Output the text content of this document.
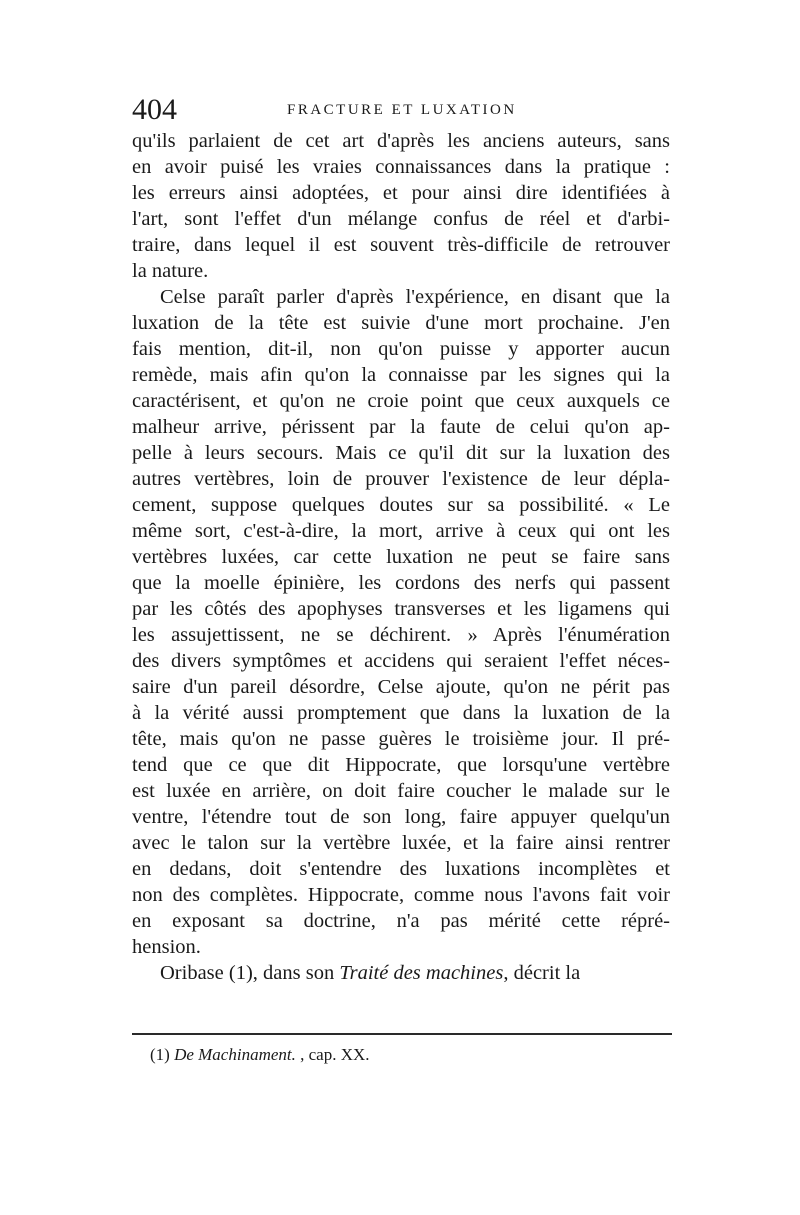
404	FRACTURE ET LUXATION
qu'ils parlaient de cet art d'après les anciens auteurs, sans
en avoir puisé les vraies connaissances dans la pratique :
les erreurs ainsi adoptées, et pour ainsi dire identifiées à
l'art, sont l'effet d'un mélange confus de réel et d'arbi-
traire, dans lequel il est souvent très-difficile de retrouver
la nature.
Celse paraît parler d'après l'expérience, en disant que la
luxation de la tête est suivie d'une mort prochaine. J'en
fais mention, dit-il, non qu'on puisse y apporter aucun
remède, mais afin qu'on la connaisse par les signes qui la
caractérisent, et qu'on ne croie point que ceux auxquels ce
malheur arrive, périssent par la faute de celui qu'on ap-
pelle à leurs secours. Mais ce qu'il dit sur la luxation des
autres vertèbres, loin de prouver l'existence de leur dépla-
cement, suppose quelques doutes sur sa possibilité. « Le
même sort, c'est-à-dire, la mort, arrive à ceux qui ont les
vertèbres luxées, car cette luxation ne peut se faire sans
que la moelle épinière, les cordons des nerfs qui passent
par les côtés des apophyses transverses et les ligamens qui
les assujettissent, ne se déchirent. » Après l'énumération
des divers symptômes et accidens qui seraient l'effet néces-
saire d'un pareil désordre, Celse ajoute, qu'on ne périt pas
à la vérité aussi promptement que dans la luxation de la
tête, mais qu'on ne passe guères le troisième jour. Il pré-
tend que ce que dit Hippocrate, que lorsqu'une vertèbre
est luxée en arrière, on doit faire coucher le malade sur le
ventre, l'étendre tout de son long, faire appuyer quelqu'un
avec le talon sur la vertèbre luxée, et la faire ainsi rentrer
en dedans, doit s'entendre des luxations incomplètes et
non des complètes. Hippocrate, comme nous l'avons fait voir
en exposant sa doctrine, n'a pas mérité cette répré-
hension.
Oribase (1), dans son Traité des machines, décrit la
(1) De Machinament. , cap. XX.
